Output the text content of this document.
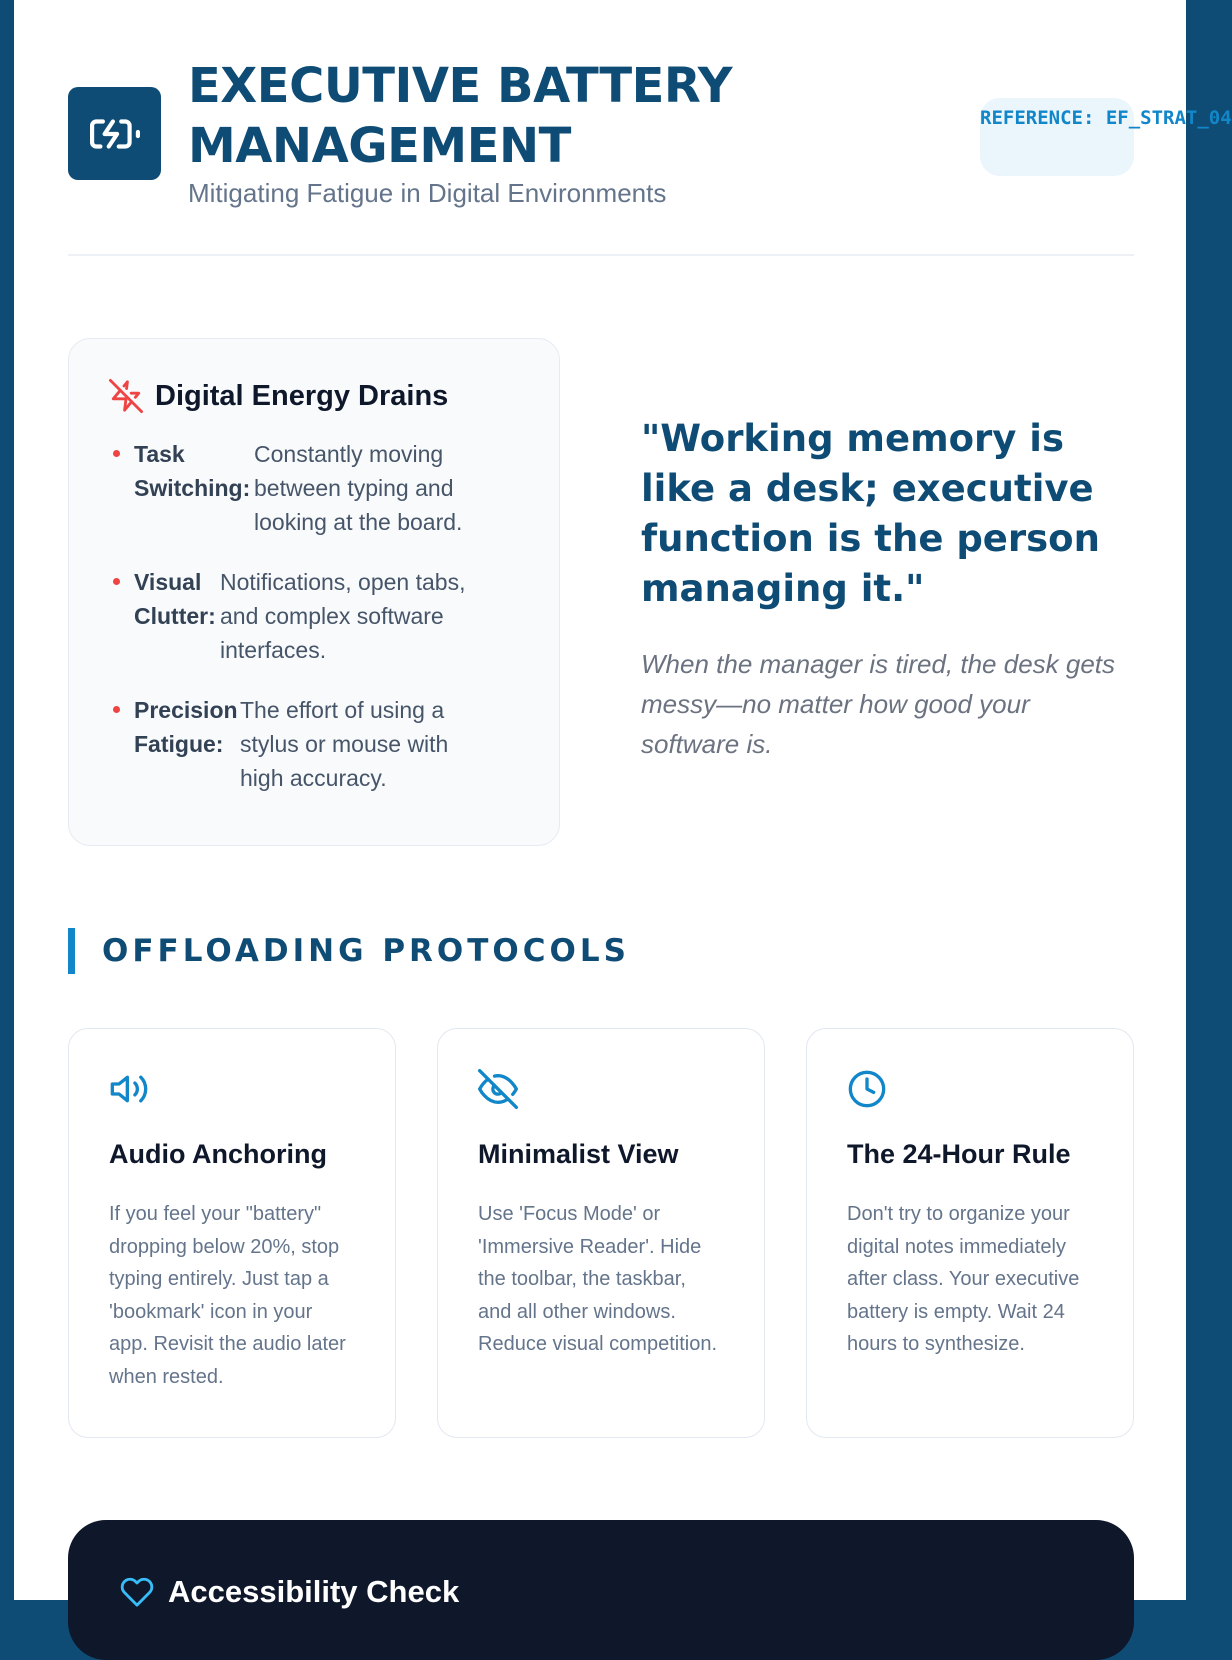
EXECUTIVE BATTERY MANAGEMENT
Mitigating Fatigue in Digital Environments
REFERENCE: EF_STRAT_04
Digital Energy Drains
Task Switching:
Constantly moving between typing and looking at the board.
Visual Clutter:
Notifications, open tabs, and complex software interfaces.
Precision Fatigue:
The effort of using a stylus or mouse with high accuracy.
"Working memory is like a desk; executive function is the person managing it."

When the manager is tired, the desk gets messy—no matter how good your software is.

OFFLOADING PROTOCOLS
Audio Anchoring

If you feel your "battery" dropping below 20%, stop typing entirely. Just tap a 'bookmark' icon in your app. Revisit the audio later when rested.

Minimalist View

Use 'Focus Mode' or 'Immersive Reader'. Hide the toolbar, the taskbar, and all other windows. Reduce visual competition.

The 24-Hour Rule

Don't try to organize your digital notes immediately after class. Your executive battery is empty. Wait 24 hours to synthesize.

Accessibility Check
